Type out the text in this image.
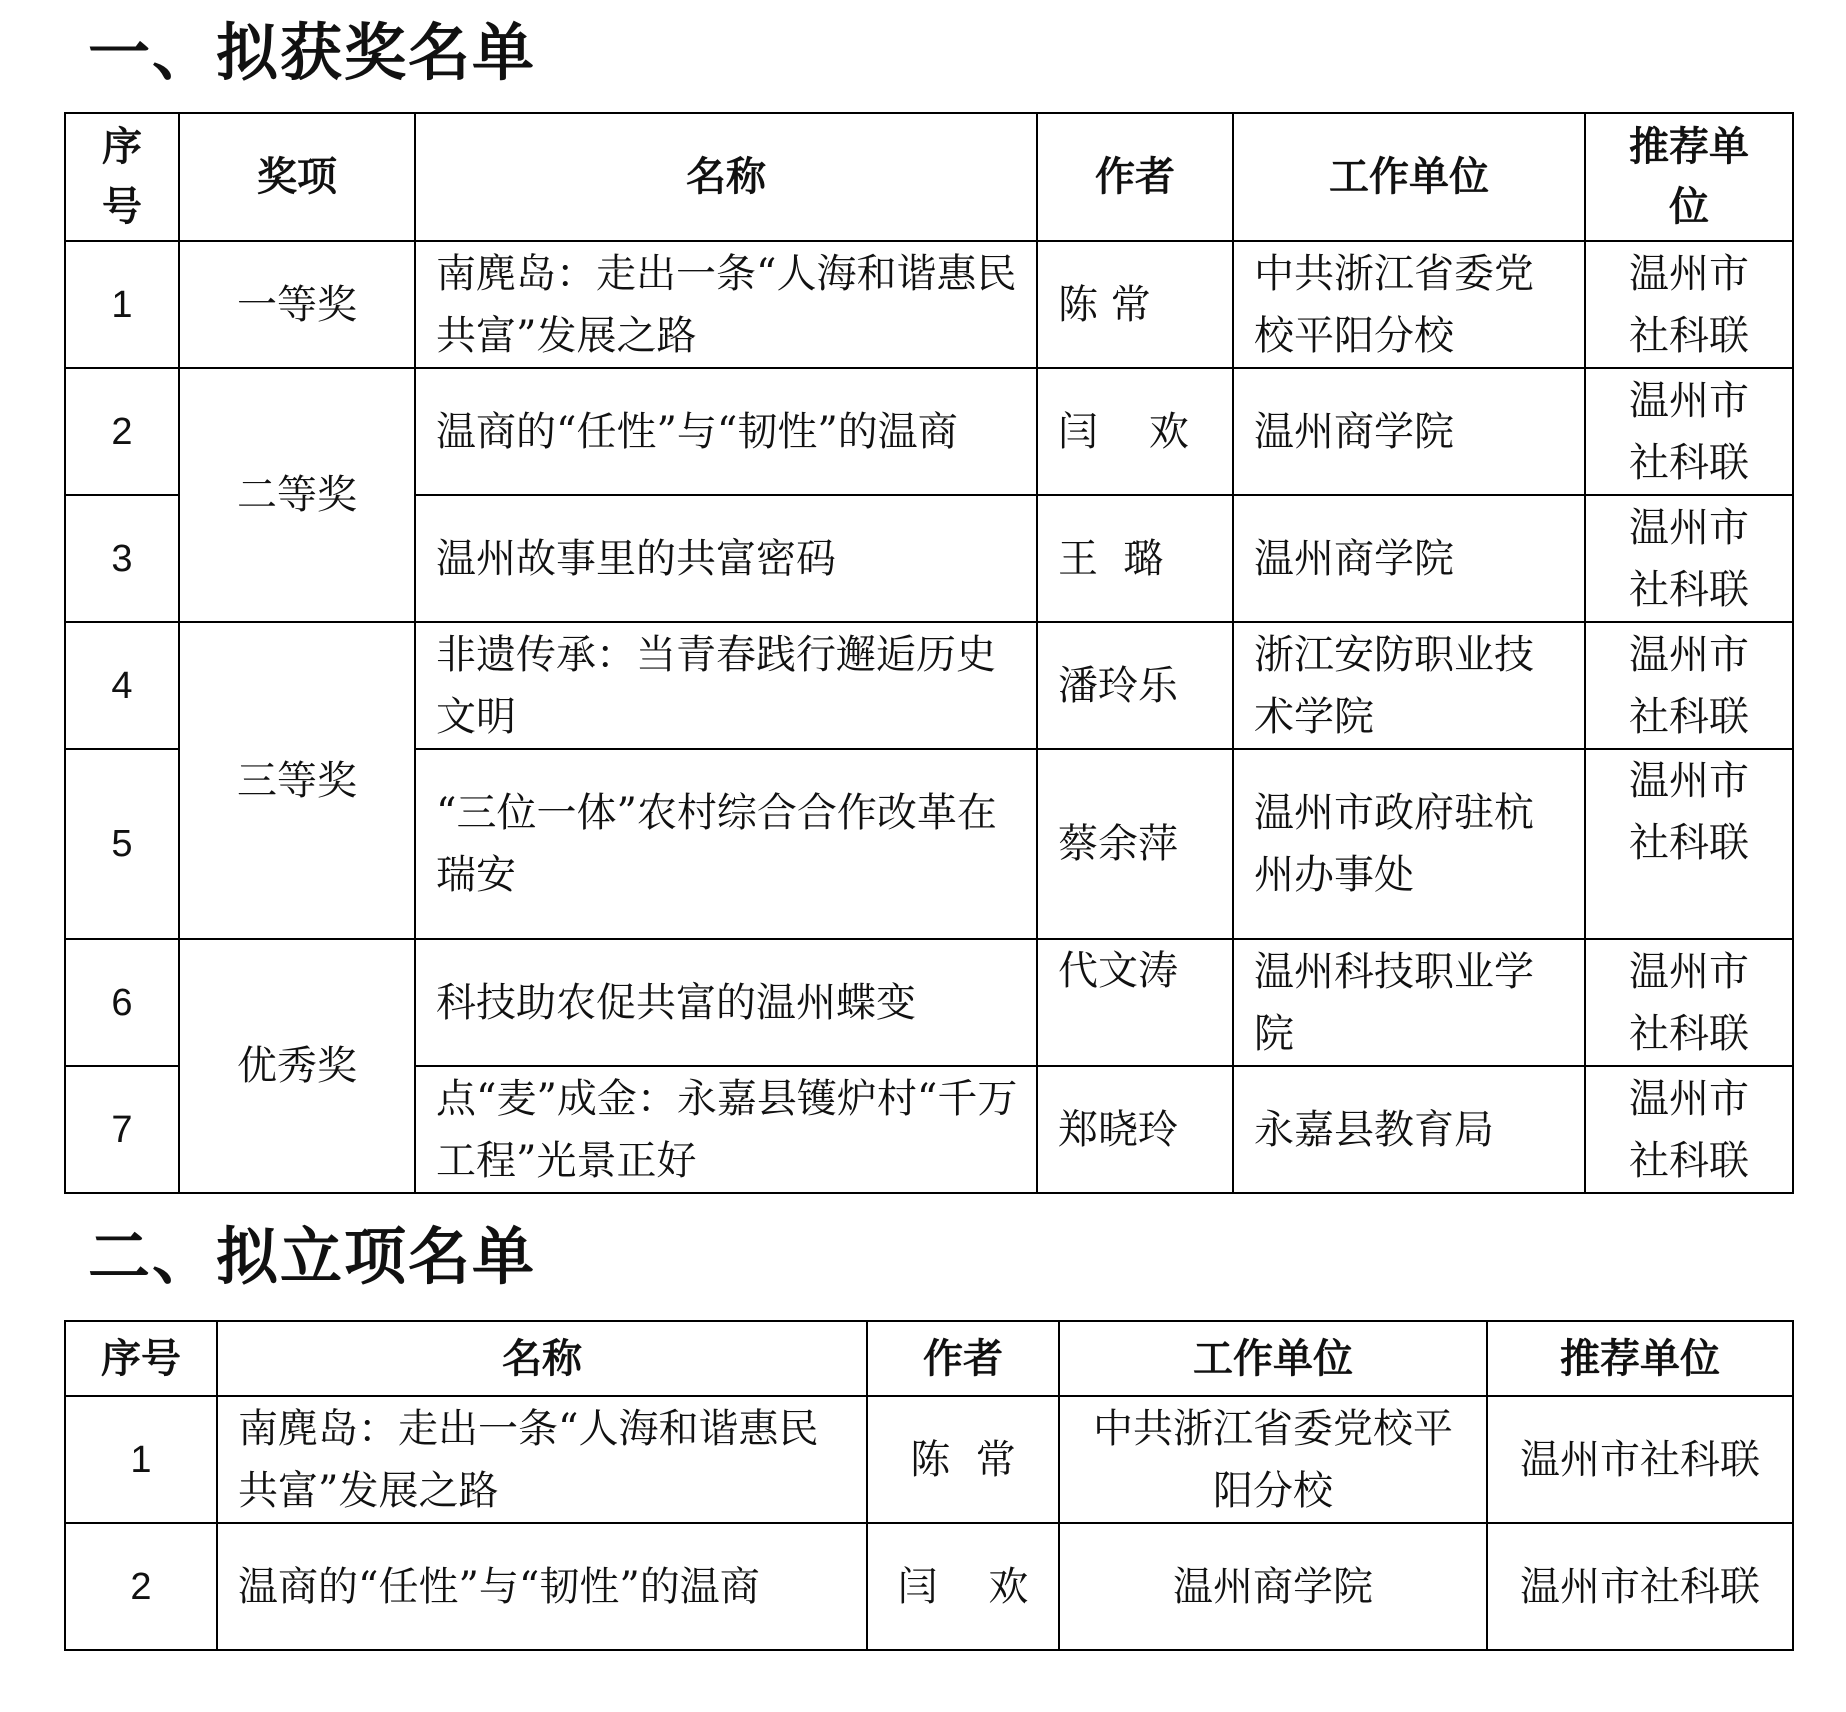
一、拟获奖名单
序号	奖项	名称	作者	工作单位	推荐单位
1	一等奖	南麂岛：走出一条“人海和谐惠民共富”发展之路	陈 常	中共浙江省委党校平阳分校	温州市社科联
2	二等奖	温商的“任性”与“韧性”的温商	闫    欢	温州商学院	温州市社科联
3		温州故事里的共富密码	王  璐	温州商学院	温州市社科联
4	三等奖	非遗传承：当青春践行邂逅历史文明	潘玲乐	浙江安防职业技术学院	温州市社科联
5		“三位一体”农村综合合作改革在瑞安	蔡余萍	温州市政府驻杭州办事处	温州市社科联
6	优秀奖	科技助农促共富的温州蝶变	代文涛	温州科技职业学院	温州市社科联
7		点“麦”成金：永嘉县镬炉村“千万工程”光景正好	郑晓玲	永嘉县教育局	温州市社科联
二、拟立项名单
序号	名称	作者	工作单位	推荐单位
1	南麂岛：走出一条“人海和谐惠民共富”发展之路	陈  常	中共浙江省委党校平阳分校	温州市社科联
2	温商的“任性”与“韧性”的温商	闫    欢	温州商学院	温州市社科联
